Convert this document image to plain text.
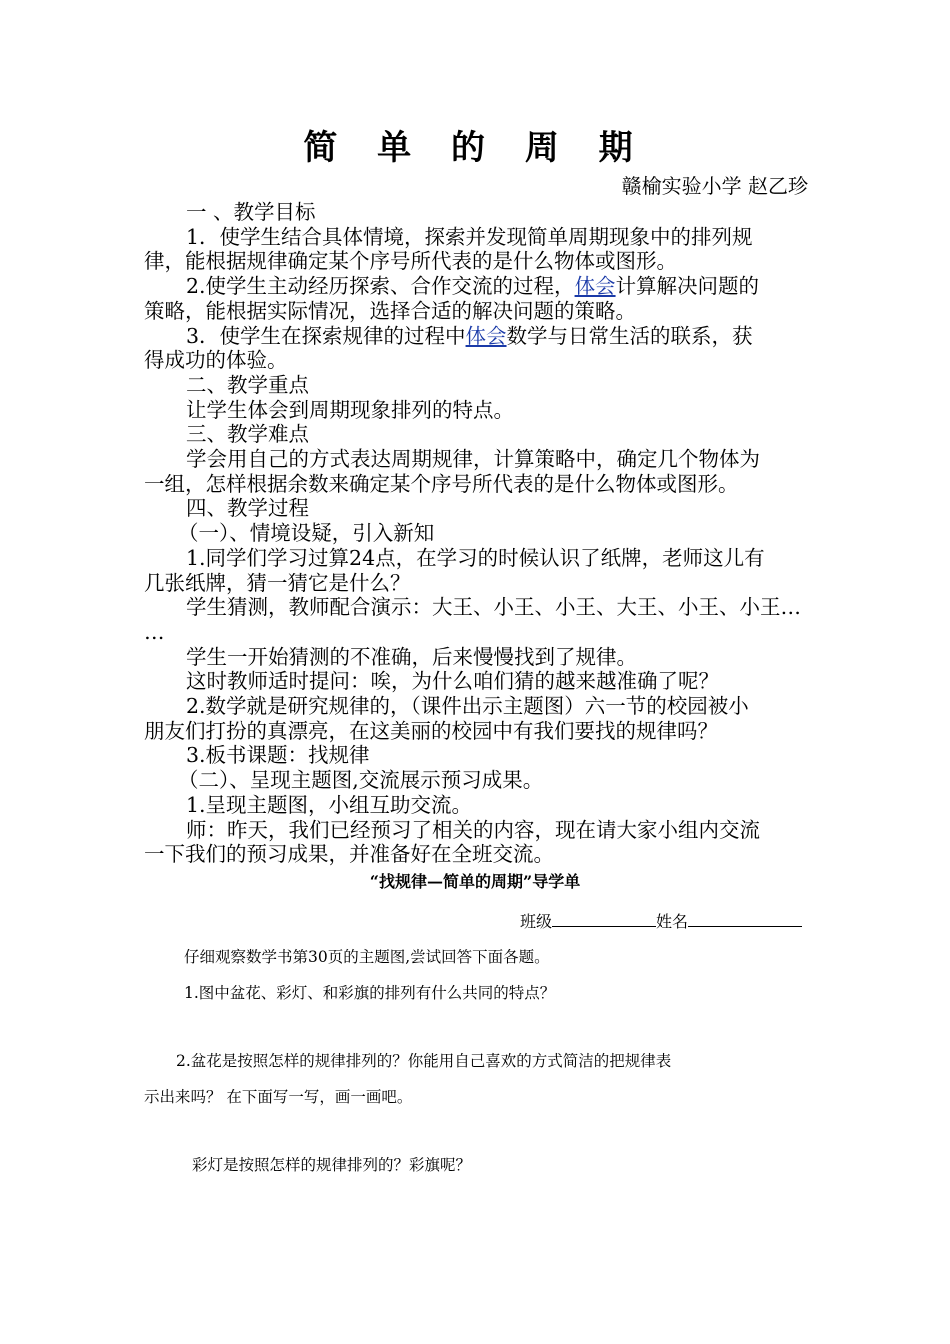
简 单 的 周 期
赣榆实验小学 赵乙珍
一 、教学目标
1．使学生结合具体情境，探索并发现简单周期现象中的排列规
律，能根据规律确定某个序号所代表的是什么物体或图形。
2.使学生主动经历探索、合作交流的过程，体会计算解决问题的
策略，能根据实际情况，选择合适的解决问题的策略。
3．使学生在探索规律的过程中体会数学与日常生活的联系，获
得成功的体验。
二、教学重点
让学生体会到周期现象排列的特点。
三、教学难点
学会用自己的方式表达周期规律，计算策略中，确定几个物体为
一组，怎样根据余数来确定某个序号所代表的是什么物体或图形。
四、教学过程
（一）、情境设疑，引入新知
1.同学们学习过算24点，在学习的时候认识了纸牌，老师这儿有
几张纸牌，猜一猜它是什么？
学生猜测，教师配合演示：大王、小王、小王、大王、小王、小王…
…
学生一开始猜测的不准确，后来慢慢找到了规律。
这时教师适时提问：唉，为什么咱们猜的越来越准确了呢？
2.数学就是研究规律的，（课件出示主题图）六一节的校园被小
朋友们打扮的真漂亮，在这美丽的校园中有我们要找的规律吗？
3.板书课题：找规律
（二）、呈现主题图,交流展示预习成果。
1.呈现主题图，小组互助交流。
师：昨天，我们已经预习了相关的内容，现在请大家小组内交流
一下我们的预习成果，并准备好在全班交流。
“找规律—简单的周期”导学单
班级	姓名
仔细观察数学书第30页的主题图,尝试回答下面各题。
1.图中盆花、彩灯、和彩旗的排列有什么共同的特点？
2.盆花是按照怎样的规律排列的？你能用自己喜欢的方式简洁的把规律表
示出来吗？ 在下面写一写，画一画吧。
彩灯是按照怎样的规律排列的？彩旗呢？
